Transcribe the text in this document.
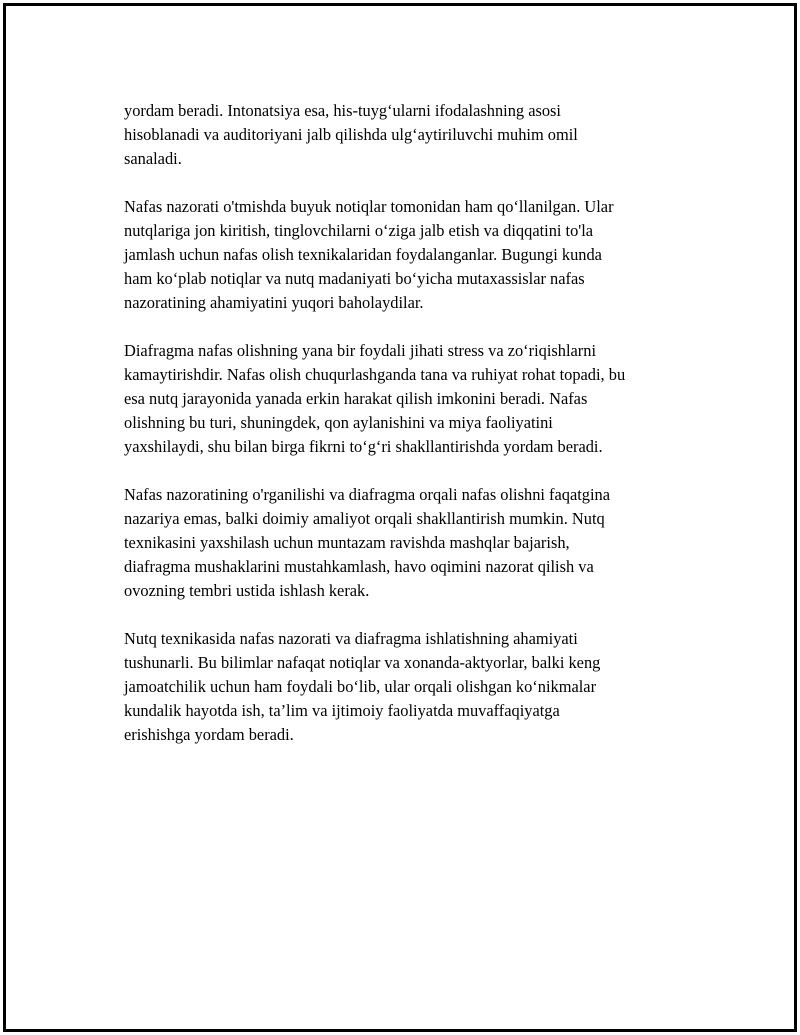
yordam beradi. Intonatsiya esa, his-tuyg‘ularni ifodalashning asosi
hisoblanadi va auditoriyani jalb qilishda ulg‘aytiriluvchi muhim omil
sanaladi.

Nafas nazorati o'tmishda buyuk notiqlar tomonidan ham qo‘llanilgan. Ular
nutqlariga jon kiritish, tinglovchilarni o‘ziga jalb etish va diqqatini to'la
jamlash uchun nafas olish texnikalaridan foydalanganlar. Bugungi kunda
ham ko‘plab notiqlar va nutq madaniyati bo‘yicha mutaxassislar nafas
nazoratining ahamiyatini yuqori baholaydilar.

Diafragma nafas olishning yana bir foydali jihati stress va zo‘riqishlarni
kamaytirishdir. Nafas olish chuqurlashganda tana va ruhiyat rohat topadi, bu
esa nutq jarayonida yanada erkin harakat qilish imkonini beradi. Nafas
olishning bu turi, shuningdek, qon aylanishini va miya faoliyatini
yaxshilaydi, shu bilan birga fikrni to‘g‘ri shakllantirishda yordam beradi.

Nafas nazoratining o'rganilishi va diafragma orqali nafas olishni faqatgina
nazariya emas, balki doimiy amaliyot orqali shakllantirish mumkin. Nutq
texnikasini yaxshilash uchun muntazam ravishda mashqlar bajarish,
diafragma mushaklarini mustahkamlash, havo oqimini nazorat qilish va
ovozning tembri ustida ishlash kerak.

Nutq texnikasida nafas nazorati va diafragma ishlatishning ahamiyati
tushunarli. Bu bilimlar nafaqat notiqlar va xonanda-aktyorlar, balki keng
jamoatchilik uchun ham foydali bo‘lib, ular orqali olishgan ko‘nikmalar
kundalik hayotda ish, ta’lim va ijtimoiy faoliyatda muvaffaqiyatga
erishishga yordam beradi.
